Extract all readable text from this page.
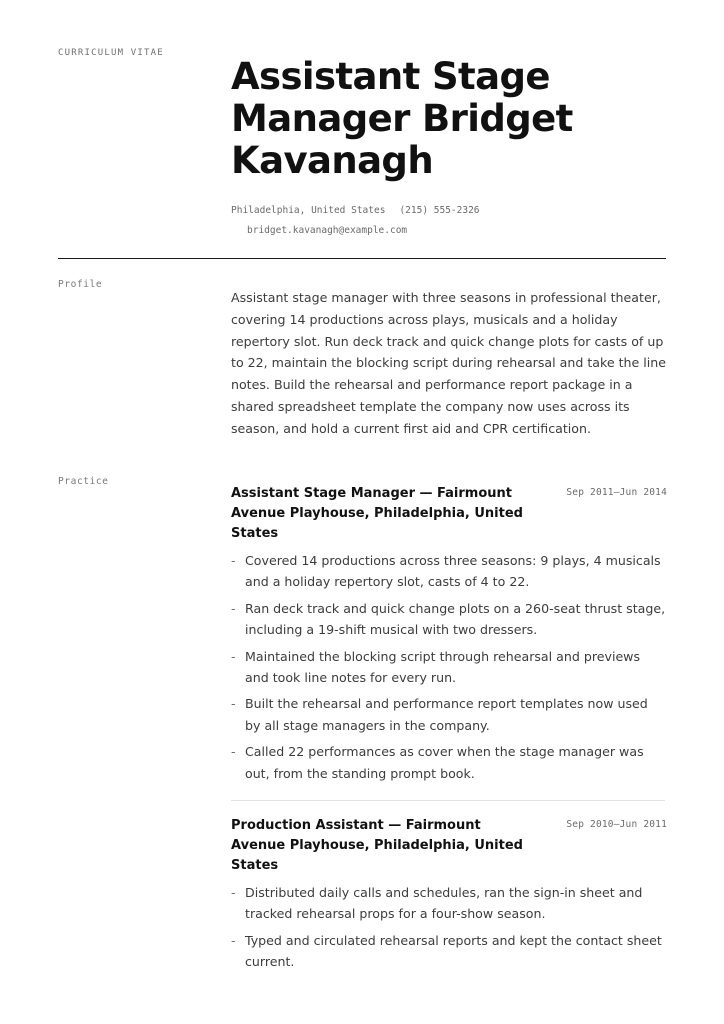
CURRICULUM VITAE
Assistant Stage Manager Bridget Kavanagh
Philadelphia, United States (215) 555-2326
bridget.kavanagh@example.com
Profile

Assistant stage manager with three seasons in professional theater, covering 14 productions across plays, musicals and a holiday repertory slot. Run deck track and quick change plots for casts of up to 22, maintain the blocking script during rehearsal and take the line notes. Build the rehearsal and performance report package in a shared spreadsheet template the company now uses across its season, and hold a current first aid and CPR certification.

Practice
Assistant Stage Manager — Fairmount Avenue Playhouse, Philadelphia, United States
Sep 2011–Jun 2014
- Covered 14 productions across three seasons: 9 plays, 4 musicals and a holiday repertory slot, casts of 4 to 22.
- Ran deck track and quick change plots on a 260-seat thrust stage, including a 19-shift musical with two dressers.
- Maintained the blocking script through rehearsal and previews and took line notes for every run.
- Built the rehearsal and performance report templates now used by all stage managers in the company.
- Called 22 performances as cover when the stage manager was out, from the standing prompt book.
Production Assistant — Fairmount Avenue Playhouse, Philadelphia, United States
Sep 2010–Jun 2011
- Distributed daily calls and schedules, ran the sign-in sheet and tracked rehearsal props for a four-show season.
- Typed and circulated rehearsal reports and kept the contact sheet current.
